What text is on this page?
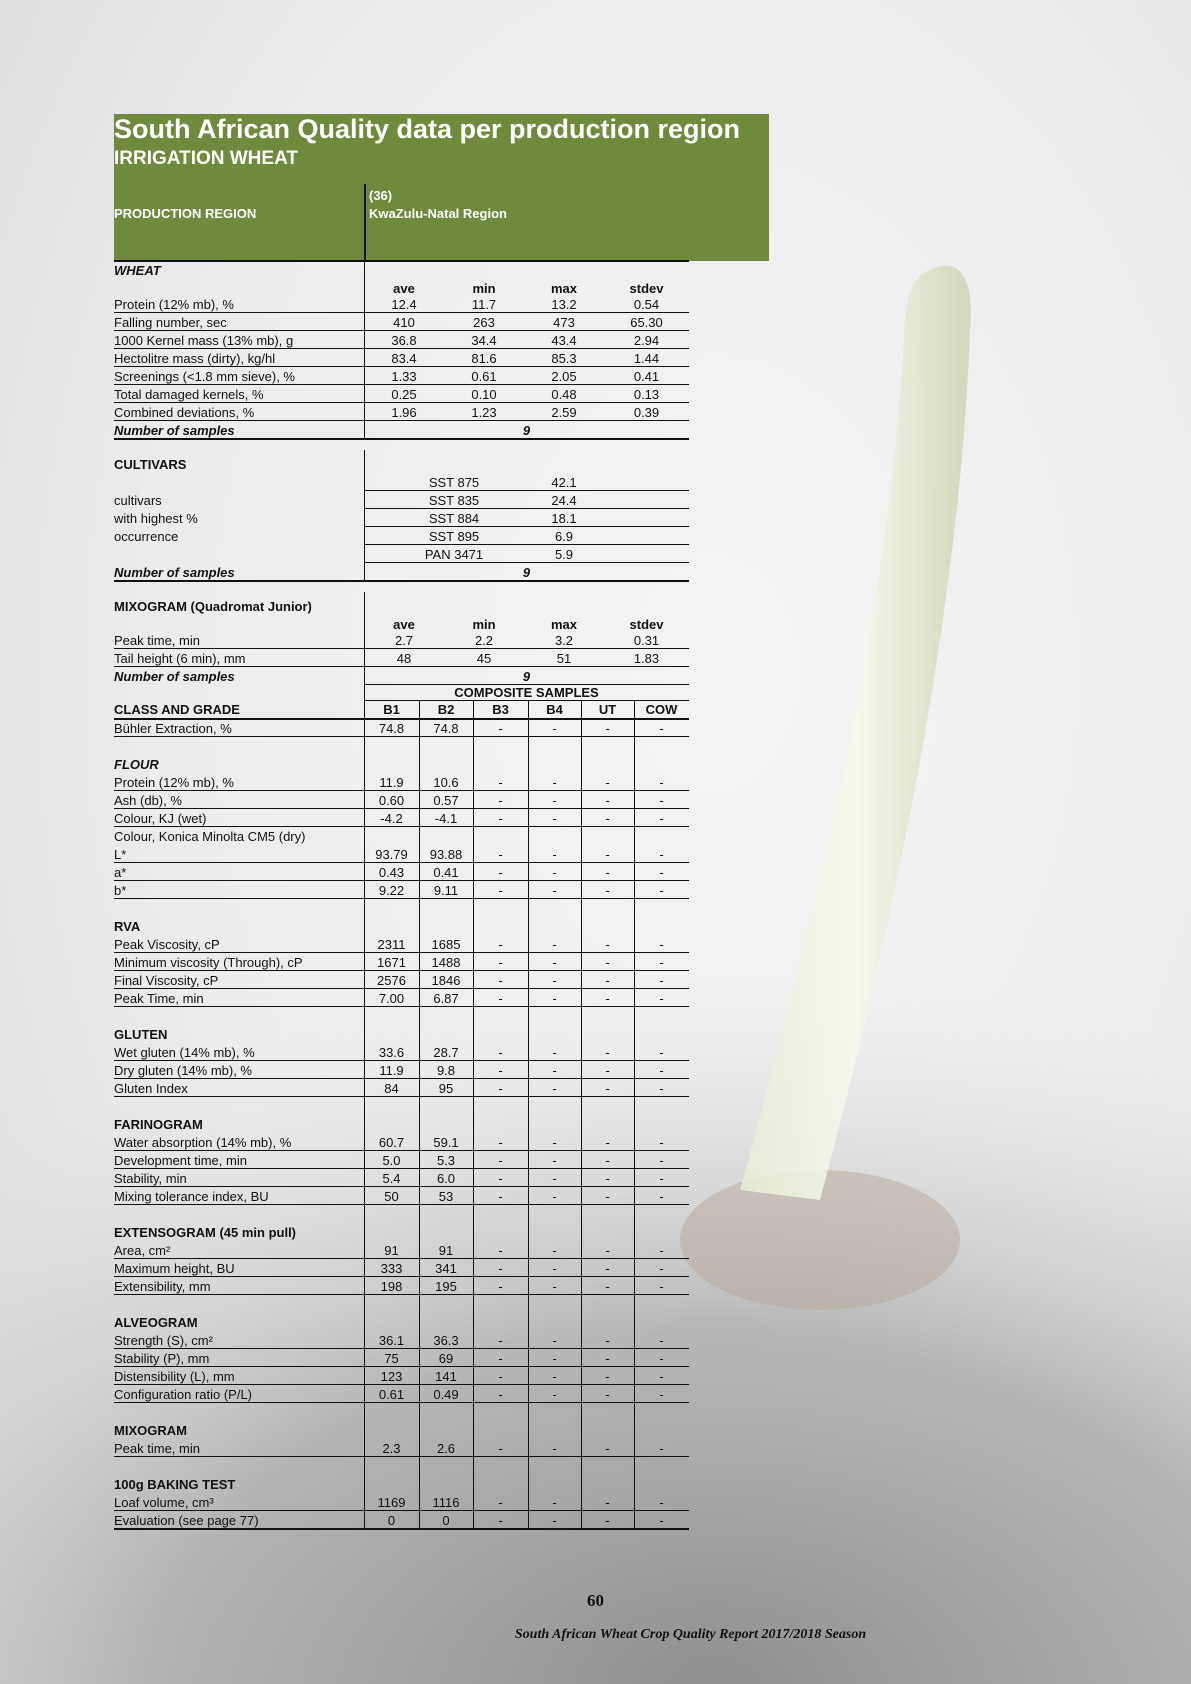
South African Quality data per production region
IRRIGATION WHEAT
PRODUCTION REGION
(36)
KwaZulu-Natal Region
WHEAT
ave	min	max	stdev
Protein (12% mb), %	12.4	11.7	13.2	0.54
Falling number, sec	410	263	473	65.30
1000 Kernel mass (13% mb), g	36.8	34.4	43.4	2.94
Hectolitre mass (dirty), kg/hl	83.4	81.6	85.3	1.44
Screenings (<1.8 mm sieve), %	1.33	0.61	2.05	0.41
Total damaged kernels, %	0.25	0.10	0.48	0.13
Combined deviations, %	1.96	1.23	2.59	0.39
Number of samples	9
CULTIVARS
cultivars
with highest %
occurrence
SST 875	42.1
SST 835	24.4
SST 884	18.1
SST 895	6.9
PAN 3471	5.9
Number of samples	9
MIXOGRAM (Quadromat Junior)
ave	min	max	stdev
Peak time, min	2.7	2.2	3.2	0.31
Tail height (6 min), mm	48	45	51	1.83
Number of samples	9
COMPOSITE SAMPLES
CLASS AND GRADE	B1	B2	B3	B4	UT	COW
Bühler Extraction, %	74.8	74.8	-	-	-	-
FLOUR
Protein (12% mb), %	11.9	10.6	-	-	-	-
Ash (db), %	0.60	0.57	-	-	-	-
Colour, KJ (wet)	-4.2	-4.1	-	-	-	-
Colour, Konica Minolta CM5 (dry)
L*	93.79	93.88	-	-	-	-
a*	0.43	0.41	-	-	-	-
b*	9.22	9.11	-	-	-	-
RVA
Peak Viscosity, cP	2311	1685	-	-	-	-
Minimum viscosity (Through), cP	1671	1488	-	-	-	-
Final Viscosity, cP	2576	1846	-	-	-	-
Peak Time, min	7.00	6.87	-	-	-	-
GLUTEN
Wet gluten (14% mb), %	33.6	28.7	-	-	-	-
Dry gluten (14% mb), %	11.9	9.8	-	-	-	-
Gluten Index	84	95	-	-	-	-
FARINOGRAM
Water absorption (14% mb), %	60.7	59.1	-	-	-	-
Development time, min	5.0	5.3	-	-	-	-
Stability, min	5.4	6.0	-	-	-	-
Mixing tolerance index, BU	50	53	-	-	-	-
EXTENSOGRAM (45 min pull)
Area, cm²	91	91	-	-	-	-
Maximum height, BU	333	341	-	-	-	-
Extensibility, mm	198	195	-	-	-	-
ALVEOGRAM
Strength (S), cm²	36.1	36.3	-	-	-	-
Stability (P), mm	75	69	-	-	-	-
Distensibility (L), mm	123	141	-	-	-	-
Configuration ratio (P/L)	0.61	0.49	-	-	-	-
MIXOGRAM
Peak time, min	2.3	2.6	-	-	-	-
100g BAKING TEST
Loaf volume, cm³	1169	1116	-	-	-	-
Evaluation (see page 77)	0	0	-	-	-	-
60
South African Wheat Crop Quality Report 2017/2018 Season
